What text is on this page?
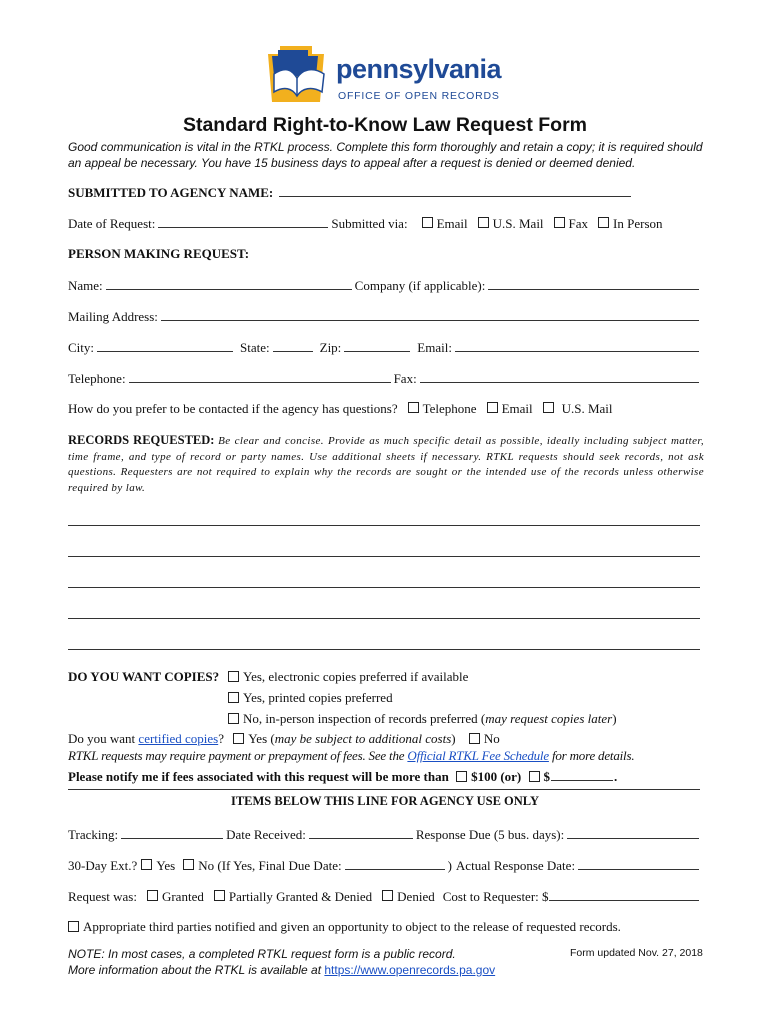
pennsylvania
OFFICE OF OPEN RECORDS
Standard Right-to-Know Law Request Form
Good communication is vital in the RTKL process. Complete this form thoroughly and retain a copy; it is required should an appeal be necessary. You have 15 business days to appeal after a request is denied or deemed denied.
SUBMITTED TO AGENCY NAME:
Date of Request:	Submitted via: Email U.S. Mail Fax In Person
PERSON MAKING REQUEST:
Name:	Company (if applicable):
Mailing Address:
City:	State:	Zip:	Email:
Telephone:	Fax:
How do you prefer to be contacted if the agency has questions? Telephone Email U.S. Mail
RECORDS REQUESTED: Be clear and concise. Provide as much specific detail as possible, ideally including subject matter, time frame, and type of record or party names. Use additional sheets if necessary. RTKL requests should seek records, not ask questions. Requesters are not required to explain why the records are sought or the intended use of the records unless otherwise required by law.
DO YOU WANT COPIES?	Yes, electronic copies preferred if available
Yes, printed copies preferred
No, in-person inspection of records preferred (may request copies later)
Do you want certified copies? Yes (may be subject to additional costs) No
RTKL requests may require payment or prepayment of fees. See the Official RTKL Fee Schedule for more details.
Please notify me if fees associated with this request will be more than $100 (or) $	.
ITEMS BELOW THIS LINE FOR AGENCY USE ONLY
Tracking:	Date Received:	Response Due (5 bus. days):
30-Day Ext.? Yes No (If Yes, Final Due Date:	) Actual Response Date:
Request was: Granted Partially Granted & Denied Denied Cost to Requester: $
Appropriate third parties notified and given an opportunity to object to the release of requested records.
NOTE: In most cases, a completed RTKL request form is a public record.	Form updated Nov. 27, 2018
More information about the RTKL is available at https://www.openrecords.pa.gov
